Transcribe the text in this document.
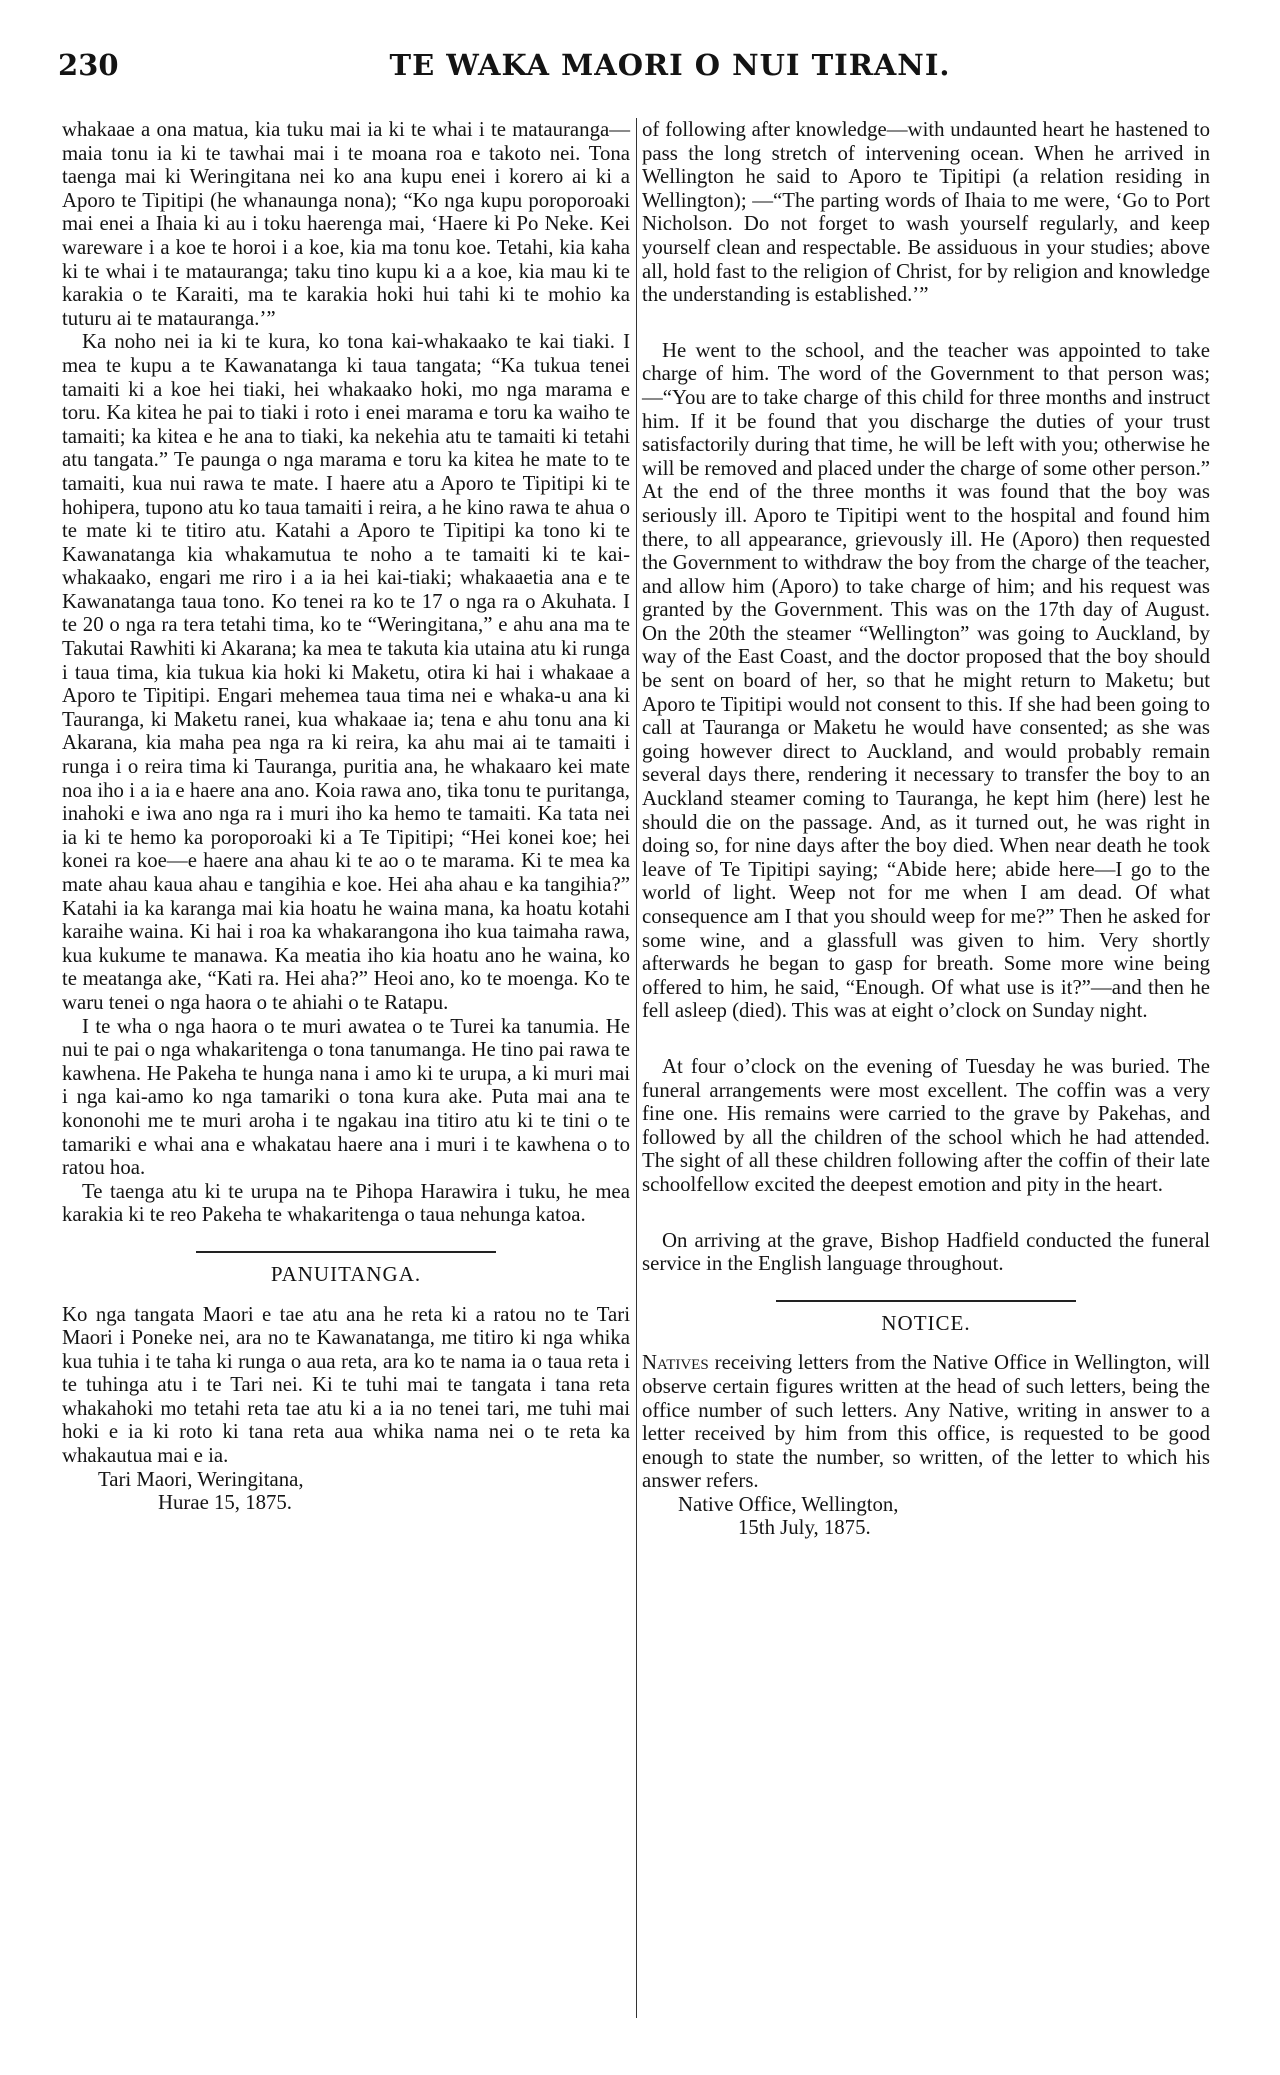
230	TE WAKA MAORI O NUI TIRANI.

whakaae a ona matua, kia tuku mai ia ki te whai i te matauranga—maia tonu ia ki te tawhai mai i te moana roa e takoto nei. Tona taenga mai ki Weringitana nei ko ana kupu enei i korero ai ki a Aporo te Tipitipi (he whanaunga nona); “Ko nga kupu poroporoaki mai enei a Ihaia ki au i toku haerenga mai, ‘Haere ki Po Neke. Kei wareware i a koe te horoi i a koe, kia ma tonu koe. Tetahi, kia kaha ki te whai i te matauranga; taku tino kupu ki a a koe, kia mau ki te karakia o te Karaiti, ma te karakia hoki hui tahi ki te mohio ka tuturu ai te matauranga.’”

Ka noho nei ia ki te kura, ko tona kai-whakaako te kai tiaki. I mea te kupu a te Kawanatanga ki taua tangata; “Ka tukua tenei tamaiti ki a koe hei tiaki, hei whakaako hoki, mo nga marama e toru. Ka kitea he pai to tiaki i roto i enei marama e toru ka waiho te tamaiti; ka kitea e he ana to tiaki, ka nekehia atu te tamaiti ki tetahi atu tangata.” Te paunga o nga marama e toru ka kitea he mate to te tamaiti, kua nui rawa te mate. I haere atu a Aporo te Tipitipi ki te hohipera, tupono atu ko taua tamaiti i reira, a he kino rawa te ahua o te mate ki te titiro atu. Katahi a Aporo te Tipitipi ka tono ki te Kawanatanga kia whakamutua te noho a te tamaiti ki te kai-whakaako, engari me riro i a ia hei kai-tiaki; whakaaetia ana e te Kawanatanga taua tono. Ko tenei ra ko te 17 o nga ra o Akuhata. I te 20 o nga ra tera tetahi tima, ko te “Weringitana,” e ahu ana ma te Takutai Rawhiti ki Akarana; ka mea te takuta kia utaina atu ki runga i taua tima, kia tukua kia hoki ki Maketu, otira ki hai i whakaae a Aporo te Tipitipi. Engari mehemea taua tima nei e whaka-u ana ki Tauranga, ki Maketu ranei, kua whakaae ia; tena e ahu tonu ana ki Akarana, kia maha pea nga ra ki reira, ka ahu mai ai te tamaiti i runga i o reira tima ki Tauranga, puritia ana, he whakaaro kei mate noa iho i a ia e haere ana ano. Koia rawa ano, tika tonu te puritanga, inahoki e iwa ano nga ra i muri iho ka hemo te tamaiti. Ka tata nei ia ki te hemo ka poroporoaki ki a Te Tipitipi; “Hei konei koe; hei konei ra koe—e haere ana ahau ki te ao o te marama. Ki te mea ka mate ahau kaua ahau e tangihia e koe. Hei aha ahau e ka tangihia?” Katahi ia ka karanga mai kia hoatu he waina mana, ka hoatu kotahi karaihe waina. Ki hai i roa ka whakarangona iho kua taimaha rawa, kua kukume te manawa. Ka meatia iho kia hoatu ano he waina, ko te meatanga ake, “Kati ra. Hei aha?” Heoi ano, ko te moenga. Ko te waru tenei o nga haora o te ahiahi o te Ratapu.

I te wha o nga haora o te muri awatea o te Turei ka tanumia. He nui te pai o nga whakaritenga o tona tanumanga. He tino pai rawa te kawhena. He Pakeha te hunga nana i amo ki te urupa, a ki muri mai i nga kai-amo ko nga tamariki o tona kura ake. Puta mai ana te kononohi me te muri aroha i te ngakau ina titiro atu ki te tini o te tamariki e whai ana e whakatau haere ana i muri i te kawhena o to ratou hoa.

Te taenga atu ki te urupa na te Pihopa Harawira i tuku, he mea karakia ki te reo Pakeha te whakaritenga o taua nehunga katoa.

PANUITANGA.

Ko nga tangata Maori e tae atu ana he reta ki a ratou no te Tari Maori i Poneke nei, ara no te Kawanatanga, me titiro ki nga whika kua tuhia i te taha ki runga o aua reta, ara ko te nama ia o taua reta i te tuhinga atu i te Tari nei. Ki te tuhi mai te tangata i tana reta whakahoki mo tetahi reta tae atu ki a ia no tenei tari, me tuhi mai hoki e ia ki roto ki tana reta aua whika nama nei o te reta ka whakautua mai e ia.

Tari Maori, Weringitana,

Hurae 15, 1875.

of following after knowledge—with undaunted heart he hastened to pass the long stretch of intervening ocean. When he arrived in Wellington he said to Aporo te Tipitipi (a relation residing in Wellington); —“The parting words of Ihaia to me were, ‘Go to Port Nicholson. Do not forget to wash yourself regularly, and keep yourself clean and respectable. Be assiduous in your studies; above all, hold fast to the religion of Christ, for by religion and knowledge the understanding is established.’”

He went to the school, and the teacher was appointed to take charge of him. The word of the Government to that person was;—“You are to take charge of this child for three months and instruct him. If it be found that you discharge the duties of your trust satisfactorily during that time, he will be left with you; otherwise he will be removed and placed under the charge of some other person.” At the end of the three months it was found that the boy was seriously ill. Aporo te Tipitipi went to the hospital and found him there, to all appearance, grievously ill. He (Aporo) then requested the Government to withdraw the boy from the charge of the teacher, and allow him (Aporo) to take charge of him; and his request was granted by the Government. This was on the 17th day of August. On the 20th the steamer “Wellington” was going to Auckland, by way of the East Coast, and the doctor proposed that the boy should be sent on board of her, so that he might return to Maketu; but Aporo te Tipitipi would not consent to this. If she had been going to call at Tauranga or Maketu he would have consented; as she was going however direct to Auckland, and would probably remain several days there, rendering it necessary to transfer the boy to an Auckland steamer coming to Tauranga, he kept him (here) lest he should die on the passage. And, as it turned out, he was right in doing so, for nine days after the boy died. When near death he took leave of Te Tipitipi saying; “Abide here; abide here—I go to the world of light. Weep not for me when I am dead. Of what consequence am I that you should weep for me?” Then he asked for some wine, and a glassfull was given to him. Very shortly afterwards he began to gasp for breath. Some more wine being offered to him, he said, “Enough. Of what use is it?”—and then he fell asleep (died). This was at eight o’clock on Sunday night.

At four o’clock on the evening of Tuesday he was buried. The funeral arrangements were most excellent. The coffin was a very fine one. His remains were carried to the grave by Pakehas, and followed by all the children of the school which he had attended. The sight of all these children following after the coffin of their late schoolfellow excited the deepest emotion and pity in the heart.

On arriving at the grave, Bishop Hadfield conducted the funeral service in the English language throughout.

NOTICE.

Natives receiving letters from the Native Office in Wellington, will observe certain figures written at the head of such letters, being the office number of such letters. Any Native, writing in answer to a letter received by him from this office, is requested to be good enough to state the number, so written, of the letter to which his answer refers.

Native Office, Wellington,

15th July, 1875.
